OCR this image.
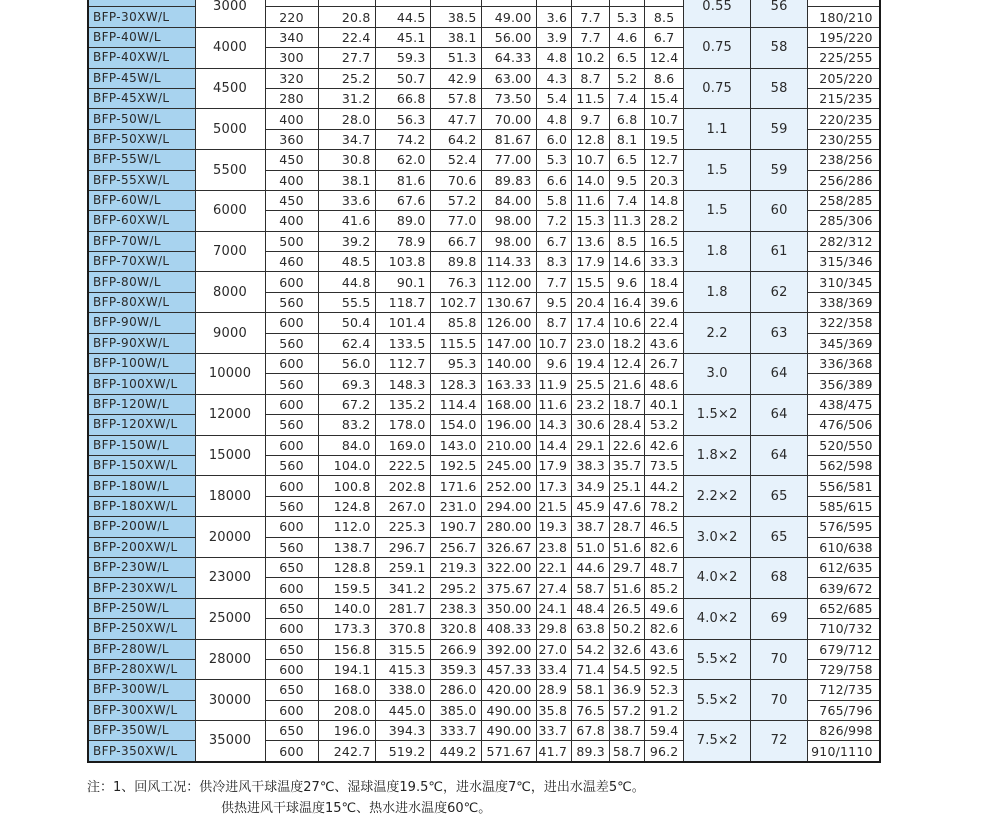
	3000										0.55	56	
BFP-30XW/L		220	20.8	44.5	38.5	49.00	3.6	7.7	5.3	8.5			180/210
BFP-40W/L	4000	340	22.4	45.1	38.1	56.00	3.9	7.7	4.6	6.7	0.75	58	195/220
BFP-40XW/L		300	27.7	59.3	51.3	64.33	4.8	10.2	6.5	12.4			225/255
BFP-45W/L	4500	320	25.2	50.7	42.9	63.00	4.3	8.7	5.2	8.6	0.75	58	205/220
BFP-45XW/L		280	31.2	66.8	57.8	73.50	5.4	11.5	7.4	15.4			215/235
BFP-50W/L	5000	400	28.0	56.3	47.7	70.00	4.8	9.7	6.8	10.7	1.1	59	220/235
BFP-50XW/L		360	34.7	74.2	64.2	81.67	6.0	12.8	8.1	19.5			230/255
BFP-55W/L	5500	450	30.8	62.0	52.4	77.00	5.3	10.7	6.5	12.7	1.5	59	238/256
BFP-55XW/L		400	38.1	81.6	70.6	89.83	6.6	14.0	9.5	20.3			256/286
BFP-60W/L	6000	450	33.6	67.6	57.2	84.00	5.8	11.6	7.4	14.8	1.5	60	258/285
BFP-60XW/L		400	41.6	89.0	77.0	98.00	7.2	15.3	11.3	28.2			285/306
BFP-70W/L	7000	500	39.2	78.9	66.7	98.00	6.7	13.6	8.5	16.5	1.8	61	282/312
BFP-70XW/L		460	48.5	103.8	89.8	114.33	8.3	17.9	14.6	33.3			315/346
BFP-80W/L	8000	600	44.8	90.1	76.3	112.00	7.7	15.5	9.6	18.4	1.8	62	310/345
BFP-80XW/L		560	55.5	118.7	102.7	130.67	9.5	20.4	16.4	39.6			338/369
BFP-90W/L	9000	600	50.4	101.4	85.8	126.00	8.7	17.4	10.6	22.4	2.2	63	322/358
BFP-90XW/L		560	62.4	133.5	115.5	147.00	10.7	23.0	18.2	43.6			345/369
BFP-100W/L	10000	600	56.0	112.7	95.3	140.00	9.6	19.4	12.4	26.7	3.0	64	336/368
BFP-100XW/L		560	69.3	148.3	128.3	163.33	11.9	25.5	21.6	48.6			356/389
BFP-120W/L	12000	600	67.2	135.2	114.4	168.00	11.6	23.2	18.7	40.1	1.5×2	64	438/475
BFP-120XW/L		560	83.2	178.0	154.0	196.00	14.3	30.6	28.4	53.2			476/506
BFP-150W/L	15000	600	84.0	169.0	143.0	210.00	14.4	29.1	22.6	42.6	1.8×2	64	520/550
BFP-150XW/L		560	104.0	222.5	192.5	245.00	17.9	38.3	35.7	73.5			562/598
BFP-180W/L	18000	600	100.8	202.8	171.6	252.00	17.3	34.9	25.1	44.2	2.2×2	65	556/581
BFP-180XW/L		560	124.8	267.0	231.0	294.00	21.5	45.9	47.6	78.2			585/615
BFP-200W/L	20000	600	112.0	225.3	190.7	280.00	19.3	38.7	28.7	46.5	3.0×2	65	576/595
BFP-200XW/L		560	138.7	296.7	256.7	326.67	23.8	51.0	51.6	82.6			610/638
BFP-230W/L	23000	650	128.8	259.1	219.3	322.00	22.1	44.6	29.7	48.7	4.0×2	68	612/635
BFP-230XW/L		600	159.5	341.2	295.2	375.67	27.4	58.7	51.6	85.2			639/672
BFP-250W/L	25000	650	140.0	281.7	238.3	350.00	24.1	48.4	26.5	49.6	4.0×2	69	652/685
BFP-250XW/L		600	173.3	370.8	320.8	408.33	29.8	63.8	50.2	82.6			710/732
BFP-280W/L	28000	650	156.8	315.5	266.9	392.00	27.0	54.2	32.6	43.6	5.5×2	70	679/712
BFP-280XW/L		600	194.1	415.3	359.3	457.33	33.4	71.4	54.5	92.5			729/758
BFP-300W/L	30000	650	168.0	338.0	286.0	420.00	28.9	58.1	36.9	52.3	5.5×2	70	712/735
BFP-300XW/L		600	208.0	445.0	385.0	490.00	35.8	76.5	57.2	91.2			765/796
BFP-350W/L	35000	650	196.0	394.3	333.7	490.00	33.7	67.8	38.7	59.4	7.5×2	72	826/998
BFP-350XW/L		600	242.7	519.2	449.2	571.67	41.7	89.3	58.7	96.2			910/1110
注：1、回风工况：供冷进风干球温度27℃、湿球温度19.5℃，进水温度7℃，进出水温差5℃。
供热进风干球温度15℃、热水进水温度60℃。
